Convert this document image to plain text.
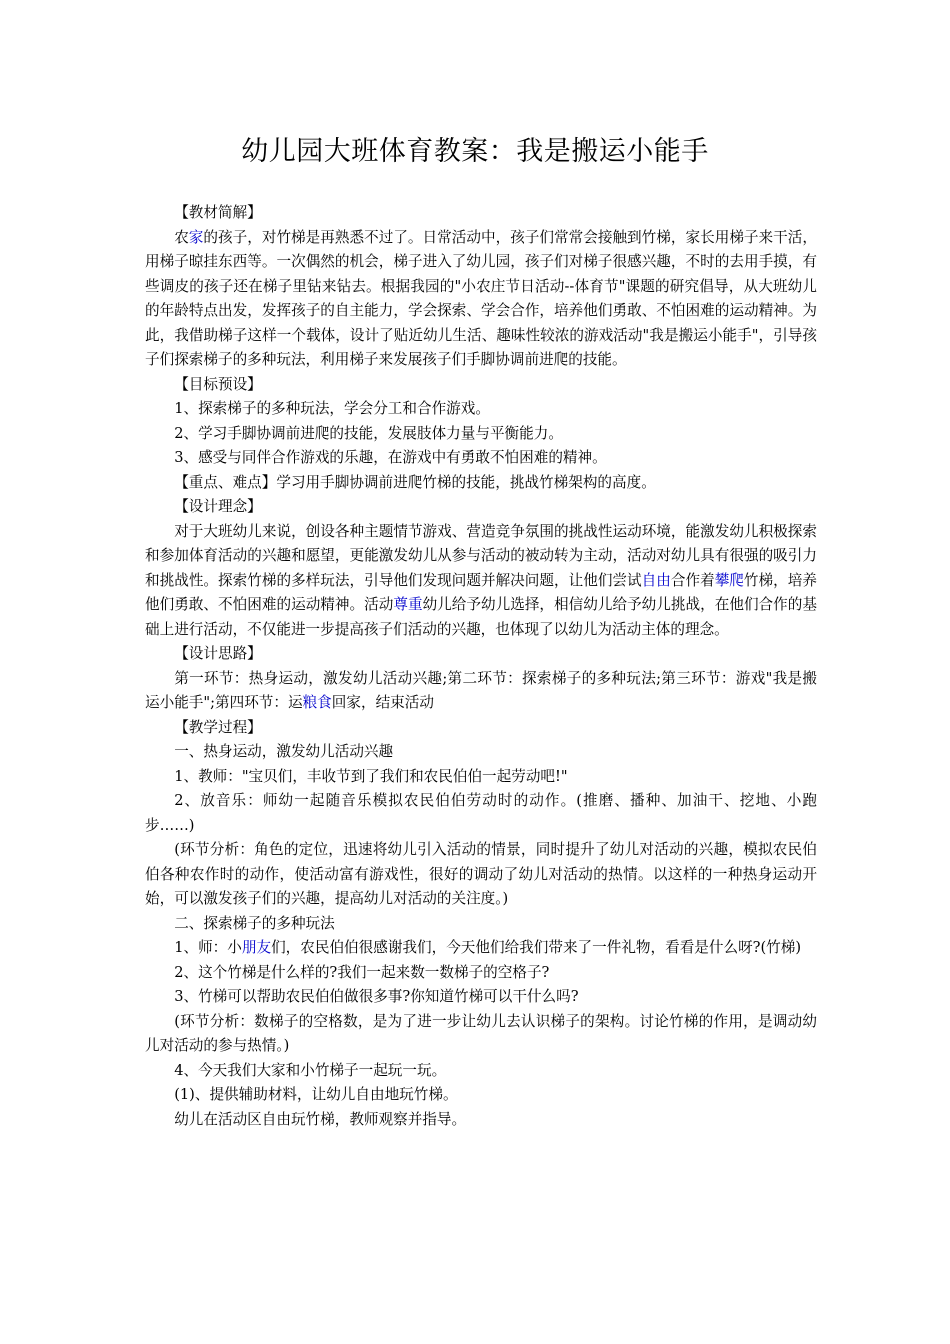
幼儿园大班体育教案：我是搬运小能手

【教材简解】

农家的孩子，对竹梯是再熟悉不过了。日常活动中，孩子们常常会接触到竹梯，家长用梯子来干活，用梯子晾挂东西等。一次偶然的机会，梯子进入了幼儿园，孩子们对梯子很感兴趣，不时的去用手摸，有些调皮的孩子还在梯子里钻来钻去。根据我园的"小农庄节日活动--体育节"课题的研究倡导，从大班幼儿的年龄特点出发，发挥孩子的自主能力，学会探索、学会合作，培养他们勇敢、不怕困难的运动精神。为此，我借助梯子这样一个载体，设计了贴近幼儿生活、趣味性较浓的游戏活动"我是搬运小能手"，引导孩子们探索梯子的多种玩法，利用梯子来发展孩子们手脚协调前进爬的技能。

【目标预设】

1、探索梯子的多种玩法，学会分工和合作游戏。

2、学习手脚协调前进爬的技能，发展肢体力量与平衡能力。

3、感受与同伴合作游戏的乐趣，在游戏中有勇敢不怕困难的精神。

【重点、难点】学习用手脚协调前进爬竹梯的技能，挑战竹梯架构的高度。

【设计理念】

对于大班幼儿来说，创设各种主题情节游戏、营造竞争氛围的挑战性运动环境，能激发幼儿积极探索和参加体育活动的兴趣和愿望，更能激发幼儿从参与活动的被动转为主动，活动对幼儿具有很强的吸引力和挑战性。探索竹梯的多样玩法，引导他们发现问题并解决问题，让他们尝试自由合作着攀爬竹梯，培养他们勇敢、不怕困难的运动精神。活动尊重幼儿给予幼儿选择，相信幼儿给予幼儿挑战，在他们合作的基础上进行活动，不仅能进一步提高孩子们活动的兴趣，也体现了以幼儿为活动主体的理念。

【设计思路】

第一环节：热身运动，激发幼儿活动兴趣;第二环节：探索梯子的多种玩法;第三环节：游戏"我是搬运小能手";第四环节：运粮食回家，结束活动

【教学过程】

一、热身运动，激发幼儿活动兴趣

1、教师："宝贝们，丰收节到了我们和农民伯伯一起劳动吧!"

2、放音乐：师幼一起随音乐模拟农民伯伯劳动时的动作。(推磨、播种、加油干、挖地、小跑步……)

(环节分析：角色的定位，迅速将幼儿引入活动的情景，同时提升了幼儿对活动的兴趣，模拟农民伯伯各种农作时的动作，使活动富有游戏性，很好的调动了幼儿对活动的热情。以这样的一种热身运动开始，可以激发孩子们的兴趣，提高幼儿对活动的关注度。)

二、探索梯子的多种玩法

1、师：小朋友们，农民伯伯很感谢我们，今天他们给我们带来了一件礼物，看看是什么呀?(竹梯)

2、这个竹梯是什么样的?我们一起来数一数梯子的空格子?

3、竹梯可以帮助农民伯伯做很多事?你知道竹梯可以干什么吗?

(环节分析：数梯子的空格数，是为了进一步让幼儿去认识梯子的架构。讨论竹梯的作用，是调动幼儿对活动的参与热情。)

4、今天我们大家和小竹梯子一起玩一玩。

(1)、提供辅助材料，让幼儿自由地玩竹梯。

幼儿在活动区自由玩竹梯，教师观察并指导。
